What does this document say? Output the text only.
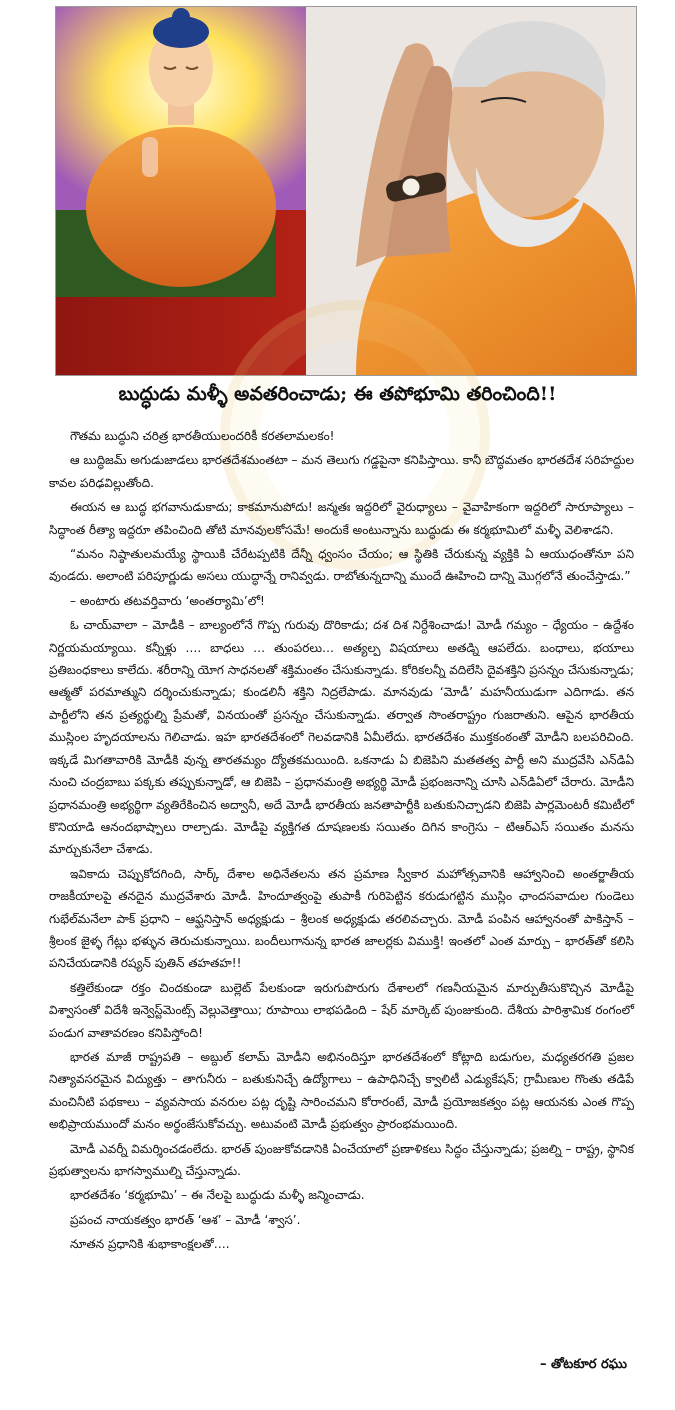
బుద్ధుడు మళ్ళీ అవతరించాడు; ఈ తపోభూమి తరించింది!!

గౌతమ బుద్ధుని చరిత్ర భారతీయులందరికీ కరతలామలకం!

ఆ బుద్ధిజమ్ అగుడుజాడలు భారతదేశమంతటా – మన తెలుగు గడ్డపైనా కనిపిస్తాయి. కానీ బౌద్ధమతం భారతదేశ సరిహద్దుల కావల పరిఢవిల్లుతోంది.

ఈయన ఆ బుద్ధ భగవానుడుకాదు; కాకమానుపోదు! జన్మతః ఇద్దరిలో వైరుధ్యాలు – వైవాహికంగా ఇద్దరిలో సారూప్యాలు – సిద్ధాంత రీత్యా ఇద్దరూ తపించింది తోటి మానవులకోసమే! అందుకే అంటున్నాను బుద్ధుడు ఈ కర్మభూమిలో మళ్ళీ వెలిశాడని.

“మనం నిష్ఠాతులమయ్యే స్థాయికి చేరేటప్పటికి దేన్నీ ధ్వంసం చేయం; ఆ స్థితికి చేరుకున్న వ్యక్తికి ఏ ఆయుధంతోనూ పని వుండదు. అలాంటి పరిపూర్ణుడు అసలు యుద్ధాన్నే రానివ్వడు. రాబోతున్నదాన్ని ముందే ఊహించి దాన్ని మొగ్గలోనే తుంచేస్తాడు.”

– అంటారు తటవర్తివారు ‘అంతర్యామి’లో!

ఓ చాయ్‌వాలా – మోడీకి – బాల్యంలోనే గొప్ప గురువు దొరికాడు; దశ దిశ నిర్దేశించాడు! మోడీ గమ్యం – ధ్యేయం – ఉద్దేశం నిర్ణయమయ్యాయి. కన్నీళ్లు …. బాధలు … తుంపరలు… అత్యల్ప విషయాలు అతడ్ని ఆపలేదు. బంధాలు, భయాలు ప్రతిబంధకాలు కాలేదు. శరీరాన్ని యోగ సాధనలతో శక్తిమంతం చేసుకున్నాడు. కోరికలన్నీ వదిలేసి దైవశక్తిని ప్రసన్నం చేసుకున్నాడు; ఆత్మతో పరమాత్ముని దర్శించుకున్నాడు; కుండలినీ శక్తిని నిద్రలేపాడు. మానవుడు ‘మోడీ’ మహనీయుడుగా ఎదిగాడు. తన పార్టీలోని తన ప్రత్యర్థుల్ని ప్రేమతో, వినయంతో ప్రసన్నం చేసుకున్నాడు. తర్వాత సొంతరాష్ట్రం గుజరాతుని. ఆపైన భారతీయ ముస్లింల హృదయాలను గెలిచాడు. ఇహ భారతదేశంలో గెలవడానికి ఏమీలేదు. భారతదేశం ముక్తకంఠంతో మోడీని బలపరిచింది. ఇక్కడే మిగతావారికి మోడీకి వున్న తారతమ్యం ద్యోతకమయింది. ఒకనాడు ఏ బిజెపిని మతతత్వ పార్టీ అని ముద్రవేసి ఎన్‌డిఏ నుంచి చంద్రబాబు పక్కకు తప్పుకున్నాడో, ఆ బిజెపి – ప్రధానమంత్రి అభ్యర్థి మోడీ ప్రభంజనాన్ని చూసి ఎన్‌డిఏలో చేరారు. మోడీని ప్రధానమంత్రి అభ్యర్థిగా వ్యతిరేకించిన అద్వానీ, అదే మోడీ భారతీయ జనతాపార్టీకి బతుకునిచ్చాడని బిజెపి పార్లమెంటరీ కమిటీలో కొనియాడి ఆనందభాష్పాలు రాల్చాడు. మోడీపై వ్యక్తిగత దూషణలకు సయితం దిగిన కాంగ్రెసు – టిఆర్ఎస్ సయితం మనసు మార్చుకునేలా చేశాడు.

ఇవికాదు చెప్పుకోదగింది, సార్క్ దేశాల అధినేతలను తన ప్రమాణ స్వీకార మహోత్సవానికి ఆహ్వానించి అంతర్జాతీయ రాజకీయాలపై తనదైన ముద్రవేశారు మోడీ. హిందూత్వంపై తుపాకీ గురిపెట్టిన కరుడుగట్టిన ముస్లిం ఛాందసవాదుల గుండెలు గుభేల్‌మనేలా పాక్ ప్రధాని – ఆఫ్ఘనిస్తాన్ అధ్యక్షుడు – శ్రీలంక అధ్యక్షుడు తరలివచ్చారు. మోడీ పంపిన ఆహ్వానంతో పాకిస్తాన్ – శ్రీలంక జైళ్ళ గేట్లు భళ్ళున తెరుచుకున్నాయి. బందీలుగానున్న భారత జాలర్లకు విముక్తి! ఇంతలో ఎంత మార్పు – భారత్‌తో కలిసి పనిచేయడానికి రష్యన్ పుతిన్ తహతహ!!

కత్తిలేకుండా రక్తం చిందకుండా బుల్లెట్ పేలకుండా ఇరుగుపొరుగు దేశాలలో గణనీయమైన మార్పుతీసుకొచ్చిన మోడీపై విశ్వాసంతో విదేశీ ఇన్వెస్ట్‌మెంట్స్ వెల్లువెత్తాయి; రూపాయి లాభపడింది – షేర్ మార్కెట్ పుంజుకుంది. దేశీయ పారిశ్రామిక రంగంలో పండుగ వాతావరణం కనిపిస్తోంది!

భారత మాజీ రాష్ట్రపతి – అబ్దుల్ కలామ్ మోడీని అభినందిస్తూ భారతదేశంలో కోట్లాది బడుగుల, మధ్యతరగతి ప్రజల నిత్యావసరమైన విద్యుత్తు – తాగునీరు – బతుకునిచ్చే ఉద్యోగాలు – ఉపాధినిచ్చే క్వాలిటీ ఎడ్యుకేషన్; గ్రామీణుల గొంతు తడిపే మంచినీటి పథకాలు – వ్యవసాయ వనరుల పట్ల దృష్టి సారించమని కోరారంటే, మోడీ ప్రయోజకత్వం పట్ల ఆయనకు ఎంత గొప్ప అభిప్రాయముందో మనం అర్థంజేసుకోవచ్చు. అటువంటి మోడీ ప్రభుత్వం ప్రారంభమయింది.

మోడీ ఎవర్నీ విమర్శించడంలేదు. భారత్ పుంజుకోవడానికి ఏంచేయాలో ప్రణాళికలు సిద్ధం చేస్తున్నాడు; ప్రజల్ని – రాష్ట్ర, స్థానిక ప్రభుత్వాలను భాగస్వాముల్ని చేస్తున్నాడు.

భారతదేశం ‘కర్మభూమి’ – ఈ నేలపై బుద్ధుడు మళ్ళీ జన్మించాడు.

ప్రపంచ నాయకత్వం భారత్ ‘ఆశ’ – మోడీ ‘శ్వాస’.

నూతన ప్రధానికి శుభాకాంక్షలతో….

– తోటకూర రఘు
